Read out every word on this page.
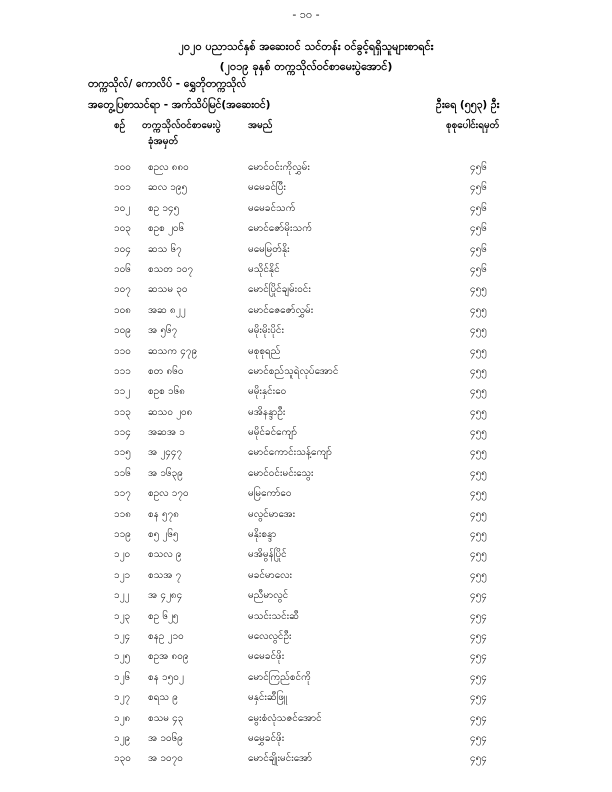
- ၁၀ -
၂၀၂၀ ပညာသင်နှစ် အဆေးဝင် သင်တန်း ဝင်ခွင့်ရရှိသူများစာရင်း
(၂၀၁၉ ခုနှစ် တက္ကသိုလ်ဝင်စာမေးပွဲအောင်)
တက္ကသိုလ်/ ကောလိပ် - ရွှေဘိုတက္ကသိုလ်
အတွေ့ပြစာသင်ရာ - အက်သိပ်မြင်(အဆေးဝင်)	ဦးရေ (၅၅၃) ဦး
စဉ် တက္ကသိုလ်ဝင်စာမေးပွဲ
ခုံအမှတ်
အမည်	စုစုပေါင်းရမှတ်
၁၀၀ စဉလ ၈၈၀	မောင်ဝင်းကိုလွှမ်း	၄၅၆
၁၀၁ ဆလ ၁၉၅	မမေခင်ပြီး	၄၅၆
၁၀၂ စဥ ၁၄၅	မမေခင်သက်	၄၅၆
၁၀၃ စဥစ ၂၀၆	မောင်ဇော်မိုးသက်	၄၅၆
၁၀၄ ဆသ ၆၇	မမေမြတ်နိုး	၄၅၆
၁၀၆ စသတ ၁၀၇	မသိုင်နိုင်	၄၅၆
၁၀၇ ဆသမ ၃၀	မောင်ပြိုင်ချမ်းဝင်း	၄၅၅
၁၀၈ အဆ ၈၂၂	မောင်ဇေဇော်လွှမ်း	၄၅၅
၁၀၉ အ ၅၆၇	မမိုးမိုးပိုင်း	၄၅၅
၁၁၀ ဆသက ၄၇၉	မစုစုရည်	၄၅၅
၁၁၁ စတ ၈၆၀	မောင်စည်သူရဲလုပ်အောင်	၄၅၅
၁၁၂ စဥစ ၁၆၈	မမိုးနှင်းဝေ	၄၅၅
၁၁၃ ဆသဝ ၂၀၈	မအိနန္ဒာဦး	၄၅၅
၁၁၄ အဆအ ၁	မမိုင်ခင်ကျော်	၄၅၅
၁၁၅ အ ၂၄၄၇	မောင်ကောင်းသန့်ကျော်	၄၅၅
၁၁၆ အ ၁၆၃၉	မောင်ဝင်းမင်းသွေး	၄၅၅
၁၁၇ စဥလ ၁၇၀	မမြကော်ဝေ	၄၅၅
၁၁၈ စန ၅၇၈	မလွင်မာအေး	၄၅၅
၁၁၉ စ၅ ၂၆၅	မနိုးစန္ဒာ	၄၅၅
၁၂၀ စသလ ၉	မအိမွန်ပြိုင်	၄၅၅
၁၂၁ စသအ ၇	မခင်မာလေး	၄၅၅
၁၂၂ အ ၄၂၈၄	မညီမာလွင်	၄၅၄
၁၂၃ စဥ ၆၂၅	မသင်းသင်းဆီ	၄၅၄
၁၂၄ စနဥ ၂၁၀	မလေလွင်ဦး	၄၅၄
၁၂၅ စဥအ ၈၀၉	မမေခင်ဖိုး	၄၅၄
၁၂၆ စန ၁၅၀၂	မောင်ကြည်စင်ကို	၄၅၄
၁၂၇ စရသ ၉	မနှင်းဆီဖြူ	၄၅၄
၁၂၈ စသမ ၄၃	မွေးစံလုံသဇင်အောင်	၄၅၄
၁၂၉ အ ၁၀၆၉	မမွှေခင်ဖိုး	၄၅၄
၁၃၀ အ ၁၀၇၀	မောင်ချိုးမင်းအော်	၄၅၄
